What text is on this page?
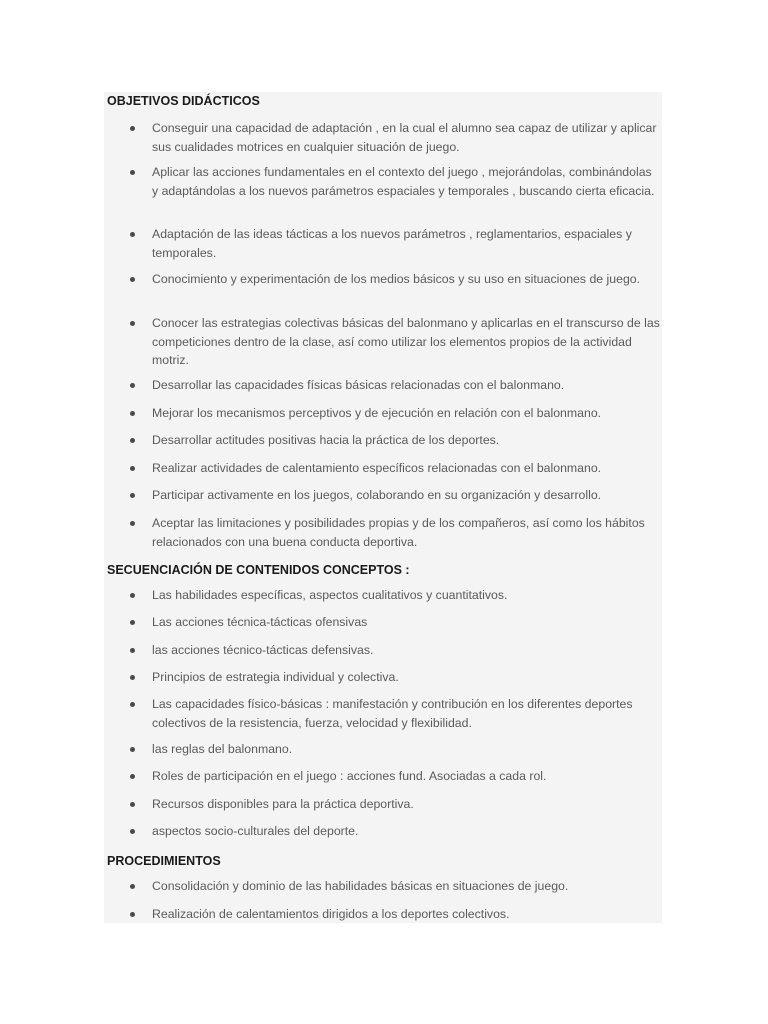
OBJETIVOS DIDÁCTICOS
Conseguir una capacidad de adaptación , en la cual el alumno sea capaz de utilizar y aplicar sus cualidades motrices en cualquier situación de juego.
Aplicar las acciones fundamentales en el contexto del juego , mejorándolas, combinándolas y adaptándolas a los nuevos parámetros espaciales y temporales , buscando cierta eficacia.
Adaptación de las ideas tácticas a los nuevos parámetros , reglamentarios, espaciales y temporales.
Conocimiento y experimentación de los medios básicos y su uso en situaciones de juego.
Conocer las estrategias colectivas básicas del balonmano y aplicarlas en el transcurso de las competiciones dentro de la clase, así como utilizar los elementos propios de la actividad motriz.
Desarrollar las capacidades físicas básicas relacionadas con el balonmano.
Mejorar los mecanismos perceptivos y de ejecución en relación con el balonmano.
Desarrollar actitudes positivas hacia la práctica de los deportes.
Realizar actividades de calentamiento específicos relacionadas con el balonmano.
Participar activamente en los juegos, colaborando en su organización y desarrollo.
Aceptar las limitaciones y posibilidades propias y de los compañeros, así como los hábitos relacionados con una buena conducta deportiva.
SECUENCIACIÓN DE CONTENIDOS CONCEPTOS :
Las habilidades específicas, aspectos cualitativos y cuantitativos.
Las acciones técnica-tácticas ofensivas
las acciones técnico-tácticas defensivas.
Principios de estrategia individual y colectiva.
Las capacidades físico-básicas : manifestación y contribución en los diferentes deportes colectivos de la resistencia, fuerza, velocidad y flexibilidad.
las reglas del balonmano.
Roles de participación en el juego : acciones fund. Asociadas a cada rol.
Recursos disponibles para la práctica deportiva.
aspectos socio-culturales del deporte.
PROCEDIMIENTOS
Consolidación y dominio de las habilidades básicas en situaciones de juego.
Realización de calentamientos dirigidos a los deportes colectivos.
